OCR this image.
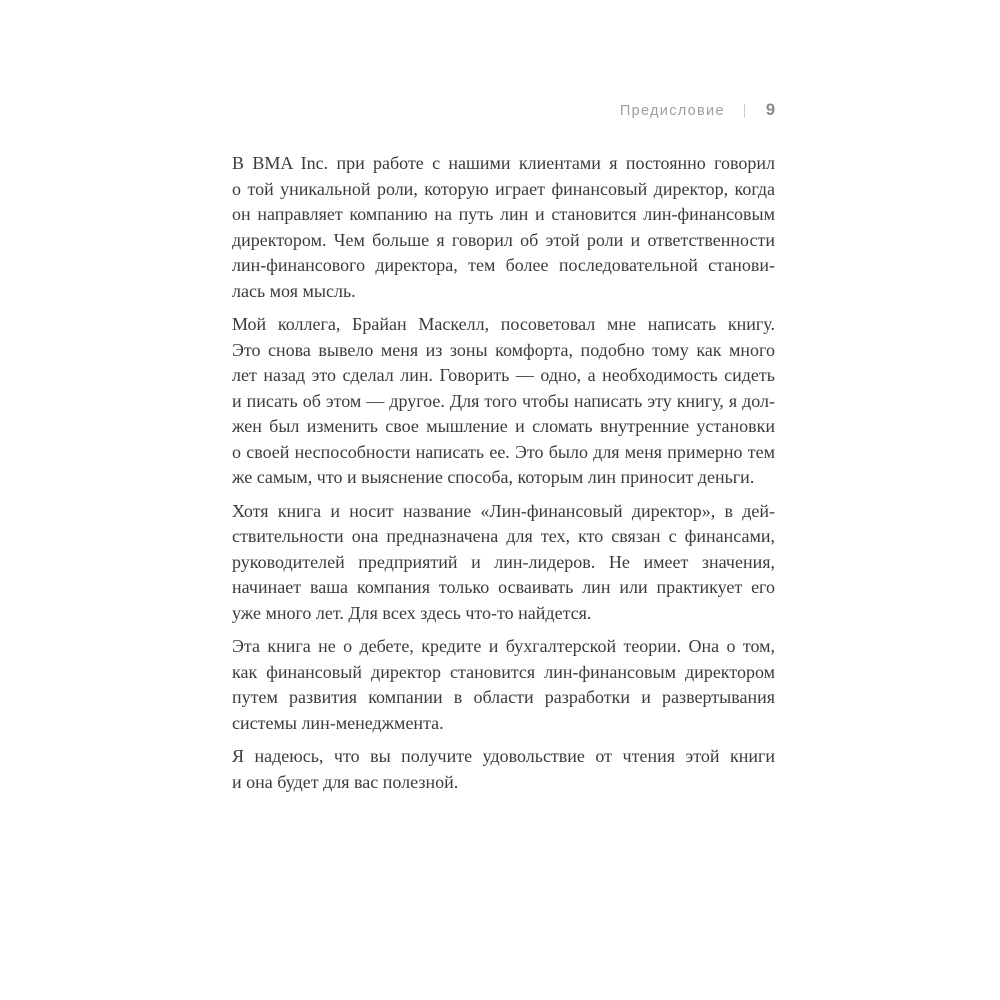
Предисловие 9
В BMA Inc. при работе с нашими клиентами я постоянно говорил
о той уникальной роли, которую играет финансовый директор, когда
он направляет компанию на путь лин и становится лин-финансовым
директором. Чем больше я говорил об этой роли и ответственности
лин-финансового директора, тем более последовательной станови-
лась моя мысль.
Мой коллега, Брайан Маскелл, посоветовал мне написать книгу.
Это снова вывело меня из зоны комфорта, подобно тому как много
лет назад это сделал лин. Говорить — одно, а необходимость сидеть
и писать об этом — другое. Для того чтобы написать эту книгу, я дол-
жен был изменить свое мышление и сломать внутренние установки
о своей неспособности написать ее. Это было для меня примерно тем
же самым, что и выяснение способа, которым лин приносит деньги.
Хотя книга и носит название «Лин-финансовый директор», в дей-
ствительности она предназначена для тех, кто связан с финансами,
руководителей предприятий и лин-лидеров. Не имеет значения,
начинает ваша компания только осваивать лин или практикует его
уже много лет. Для всех здесь что-то найдется.
Эта книга не о дебете, кредите и бухгалтерской теории. Она о том,
как финансовый директор становится лин-финансовым директором
путем развития компании в области разработки и развертывания
системы лин-менеджмента.
Я надеюсь, что вы получите удовольствие от чтения этой книги
и она будет для вас полезной.
